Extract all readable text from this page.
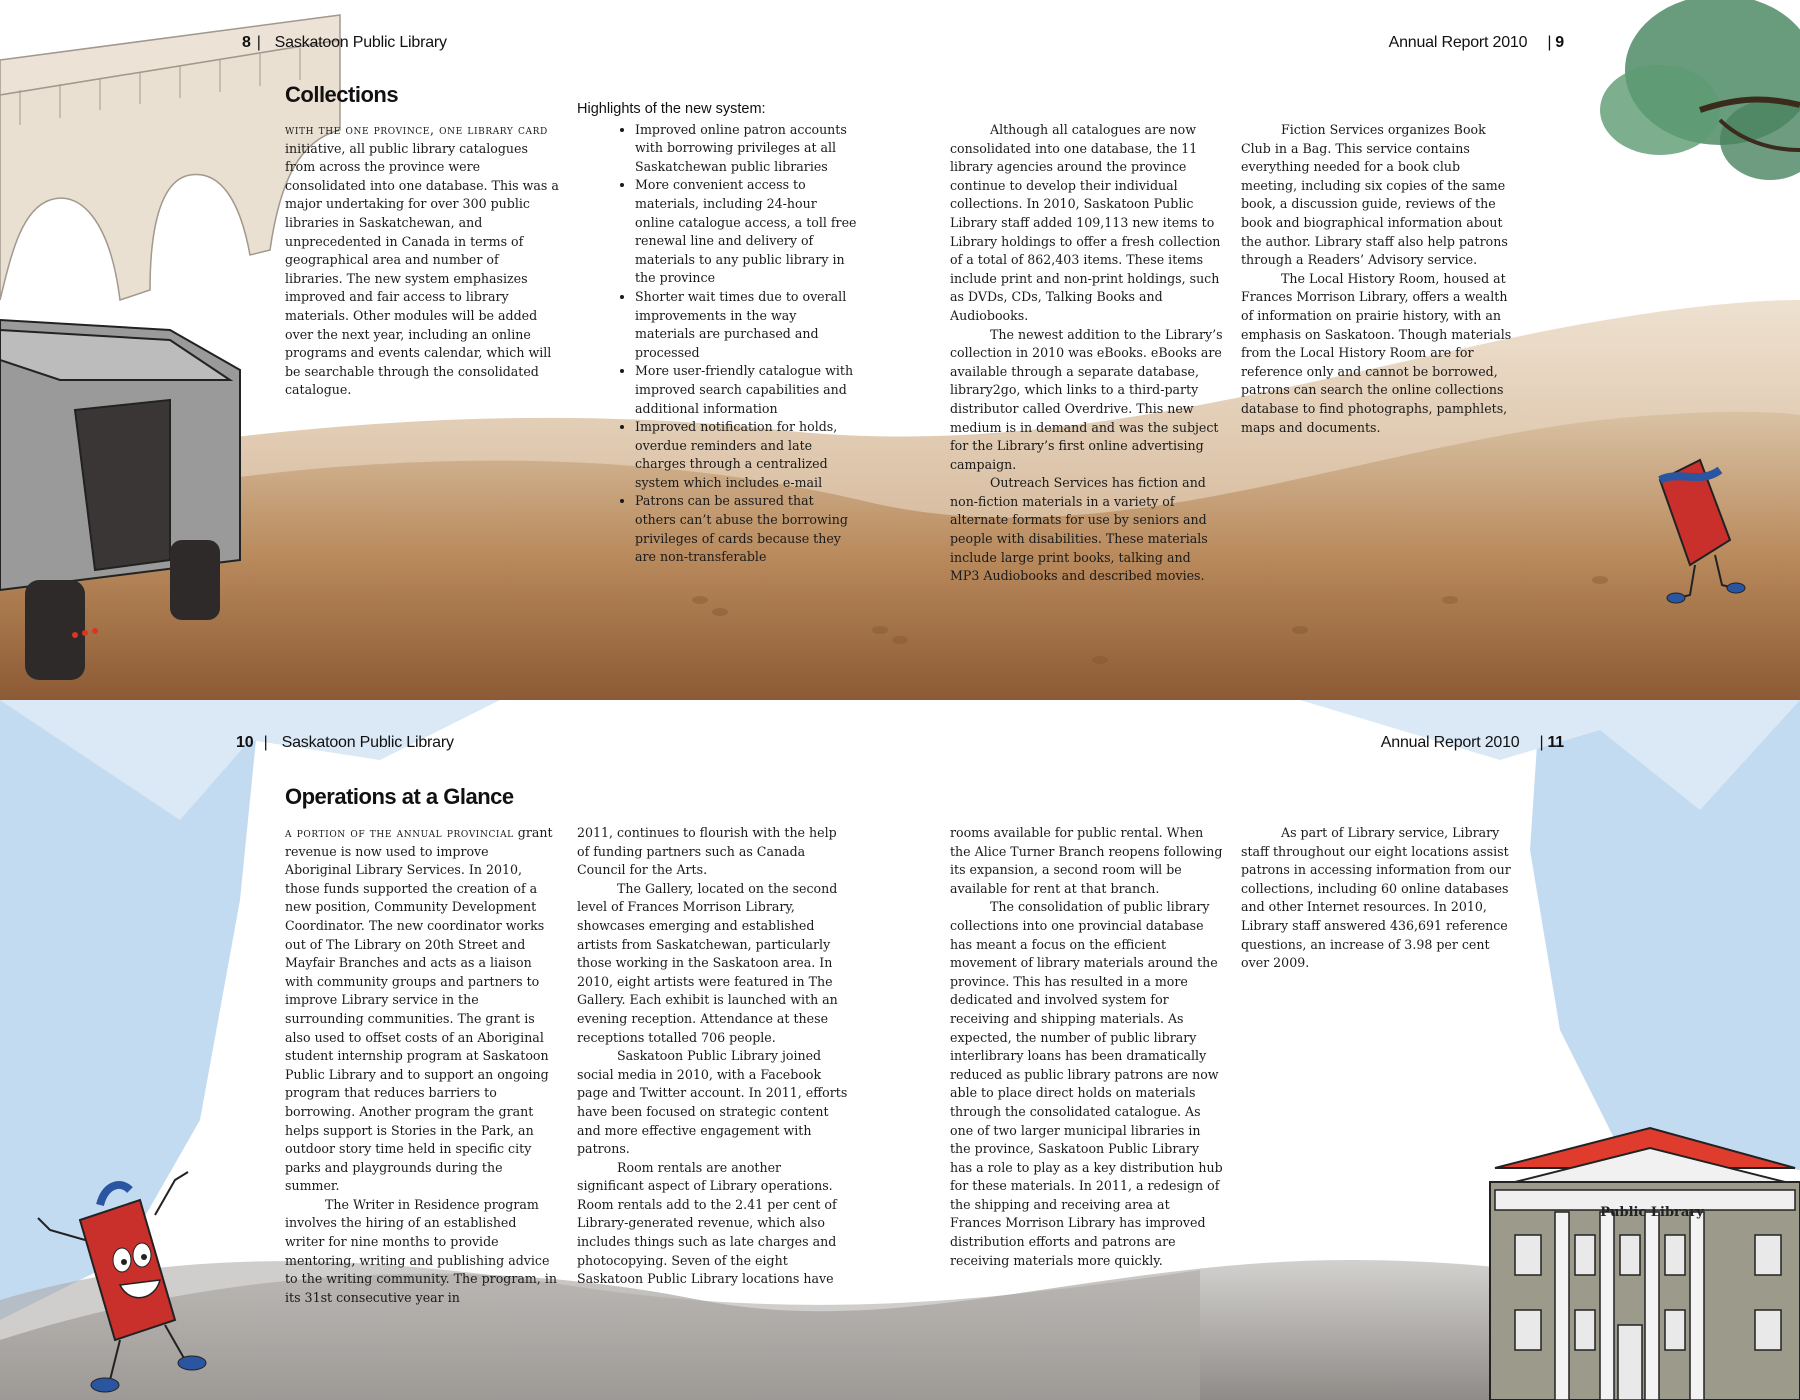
8 | Saskatoon Public Library	Annual Report 2010 | 9
Collections

with the one province, one library card initiative, all public library catalogues from across the province were consolidated into one database. This was a major undertaking for over 300 public libraries in Saskatchewan, and unprecedented in Canada in terms of geographical area and number of libraries. The new system emphasizes improved and fair access to library materials. Other modules will be added over the next year, including an online programs and events calendar, which will be searchable through the consolidated catalogue.

Highlights of the new system:
• Improved online patron accounts with borrowing privileges at all Saskatchewan public libraries
• More convenient access to materials, including 24-hour online catalogue access, a toll free renewal line and delivery of materials to any public library in the province
• Shorter wait times due to overall improvements in the way materials are purchased and processed
• More user-friendly catalogue with improved search capabilities and additional information
• Improved notification for holds, overdue reminders and late charges through a centralized system which includes e-mail
• Patrons can be assured that others can’t abuse the borrowing privileges of cards because they are non-transferable

Although all catalogues are now consolidated into one database, the 11 library agencies around the province continue to develop their individual collections. In 2010, Saskatoon Public Library staff added 109,113 new items to Library holdings to offer a fresh collection of a total of 862,403 items. These items include print and non-print holdings, such as DVDs, CDs, Talking Books and Audiobooks.

The newest addition to the Library’s collection in 2010 was eBooks. eBooks are available through a separate database, library2go, which links to a third-party distributor called Overdrive. This new medium is in demand and was the subject for the Library’s first online advertising campaign.

Outreach Services has fiction and non-fiction materials in a variety of alternate formats for use by seniors and people with disabilities. These materials include large print books, talking and MP3 Audiobooks and described movies.

Fiction Services organizes Book Club in a Bag. This service contains everything needed for a book club meeting, including six copies of the same book, a discussion guide, reviews of the book and biographical information about the author. Library staff also help patrons through a Readers’ Advisory service.

The Local History Room, housed at Frances Morrison Library, offers a wealth of information on prairie history, with an emphasis on Saskatoon. Though materials from the Local History Room are for reference only and cannot be borrowed, patrons can search the online collections database to find photographs, pamphlets, maps and documents.

10 | Saskatoon Public Library	Annual Report 2010 | 11
Public Library
Operations at a Glance

a portion of the annual provincial grant revenue is now used to improve Aboriginal Library Services. In 2010, those funds supported the creation of a new position, Community Development Coordinator. The new coordinator works out of The Library on 20th Street and Mayfair Branches and acts as a liaison with community groups and partners to improve Library service in the surrounding communities. The grant is also used to offset costs of an Aboriginal student internship program at Saskatoon Public Library and to support an ongoing program that reduces barriers to borrowing. Another program the grant helps support is Stories in the Park, an outdoor story time held in specific city parks and playgrounds during the summer.

The Writer in Residence program involves the hiring of an established writer for nine months to provide mentoring, writing and publishing advice to the writing community. The program, in its 31st consecutive year in

2011, continues to flourish with the help of funding partners such as Canada Council for the Arts.

The Gallery, located on the second level of Frances Morrison Library, showcases emerging and established artists from Saskatchewan, particularly those working in the Saskatoon area. In 2010, eight artists were featured in The Gallery. Each exhibit is launched with an evening reception. Attendance at these receptions totalled 706 people.

Saskatoon Public Library joined social media in 2010, with a Facebook page and Twitter account. In 2011, efforts have been focused on strategic content and more effective engagement with patrons.

Room rentals are another significant aspect of Library operations. Room rentals add to the 2.41 per cent of Library-generated revenue, which also includes things such as late charges and photocopying. Seven of the eight Saskatoon Public Library locations have

rooms available for public rental. When the Alice Turner Branch reopens following its expansion, a second room will be available for rent at that branch.

The consolidation of public library collections into one provincial database has meant a focus on the efficient movement of library materials around the province. This has resulted in a more dedicated and involved system for receiving and shipping materials. As expected, the number of public library interlibrary loans has been dramatically reduced as public library patrons are now able to place direct holds on materials through the consolidated catalogue. As one of two larger municipal libraries in the province, Saskatoon Public Library has a role to play as a key distribution hub for these materials. In 2011, a redesign of the shipping and receiving area at Frances Morrison Library has improved distribution efforts and patrons are receiving materials more quickly.

As part of Library service, Library staff throughout our eight locations assist patrons in accessing information from our collections, including 60 online databases and other Internet resources. In 2010, Library staff answered 436,691 reference questions, an increase of 3.98 per cent over 2009.
